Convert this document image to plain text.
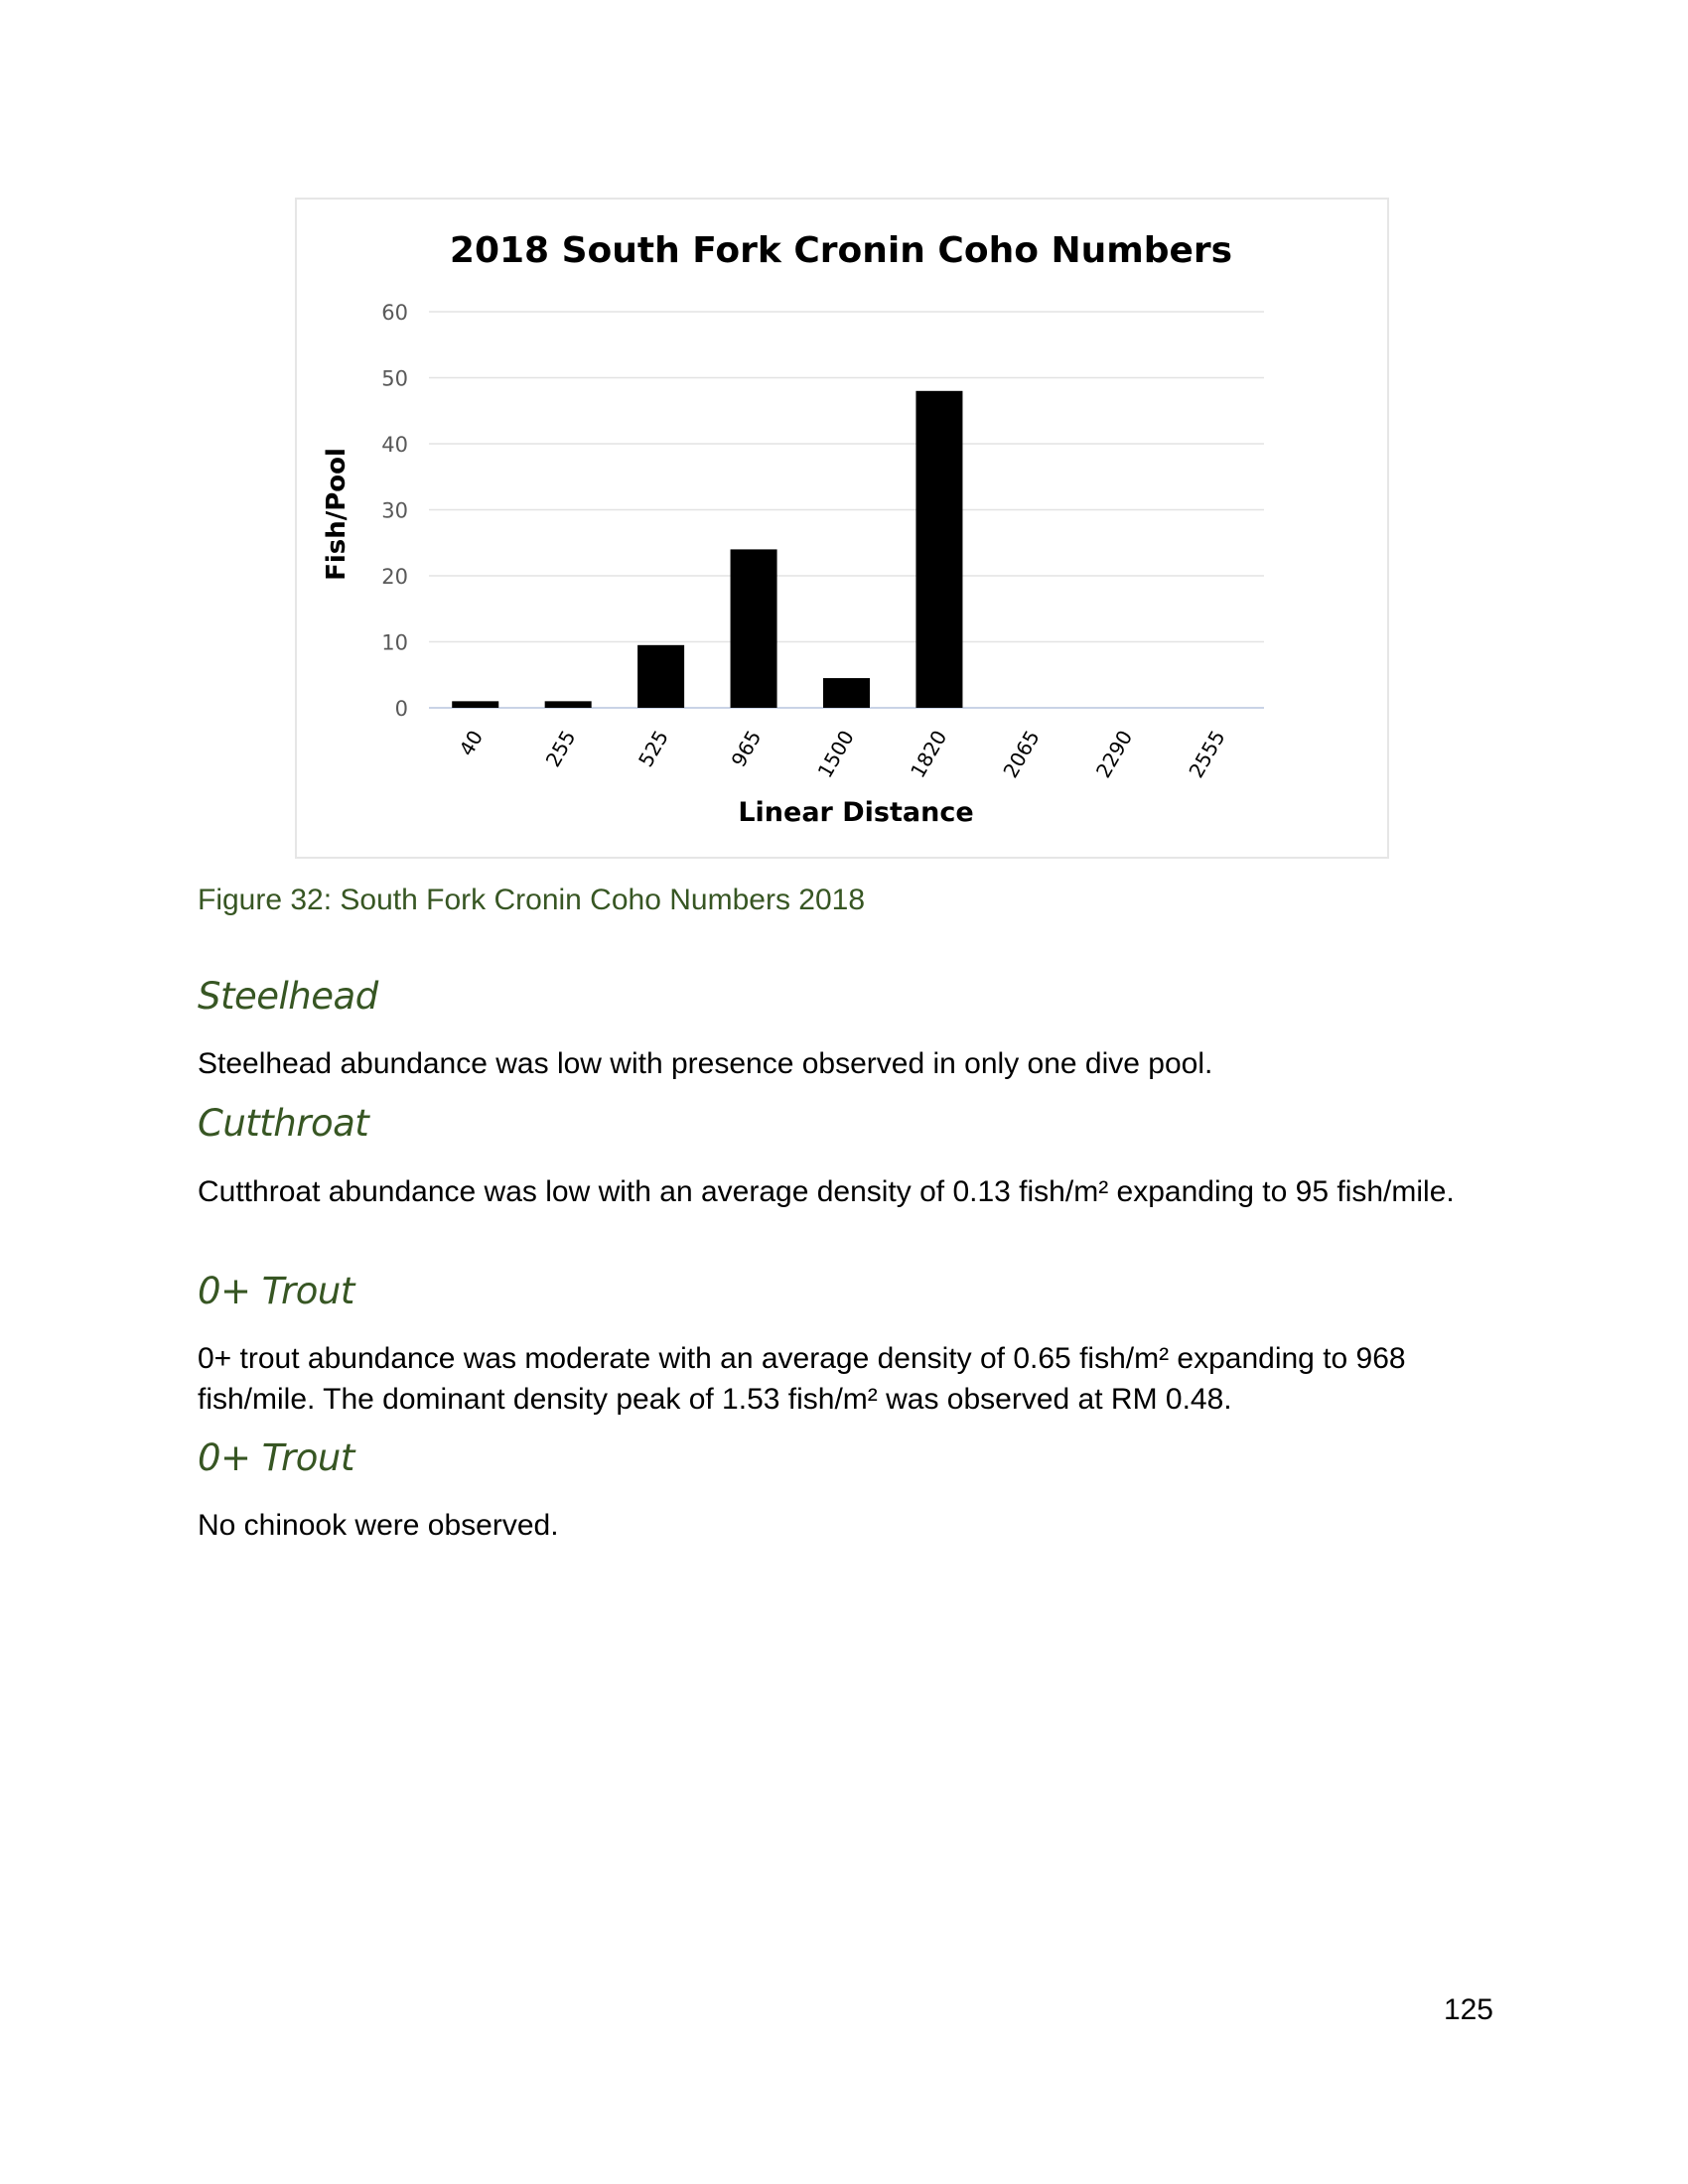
2018 South Fork Cronin Coho Numbers
Fish/Pool
Linear Distance
0
10
20
30
40
50
60
40	255	525	965 1500 1820 2065 2290 2555
Figure 32: South Fork Cronin Coho Numbers 2018
Steelhead
Steelhead abundance was low with presence observed in only one dive pool.
Cutthroat
Cutthroat abundance was low with an average density of 0.13 fish/m² expanding to 95 fish/mile.
0+ Trout
0+ trout abundance was moderate with an average density of 0.65 fish/m² expanding to 968 fish/mile. The dominant density peak of 1.53 fish/m² was observed at RM 0.48.
0+ Trout
No chinook were observed.
125
